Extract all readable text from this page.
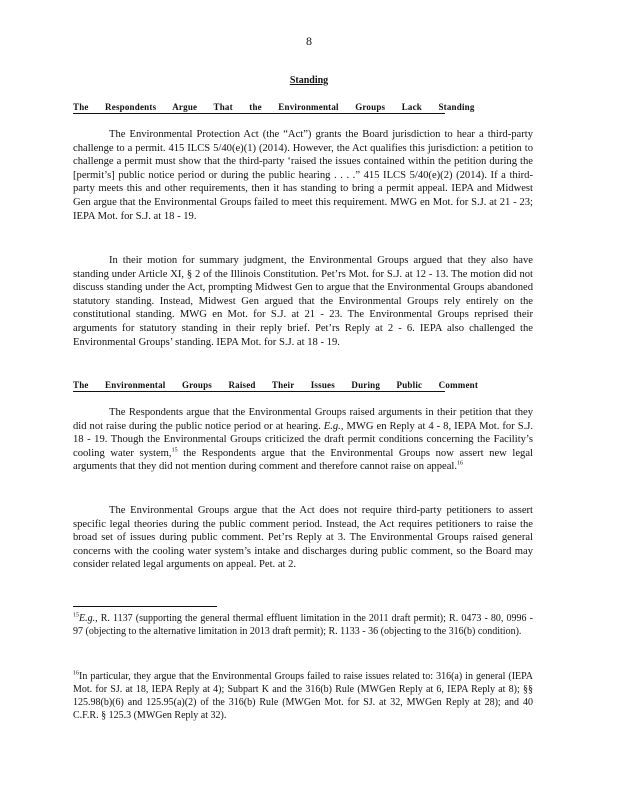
8
Standing
The Respondents Argue That the Environmental Groups Lack Standing

The Environmental Protection Act (the “Act”) grants the Board jurisdiction to hear a third-party challenge to a permit. 415 ILCS 5/40(e)(1) (2014). However, the Act qualifies this jurisdiction: a petition to challenge a permit must show that the third-party ‘raised the issues contained within the petition during the [permit’s] public notice period or during the public hearing . . . .” 415 ILCS 5/40(e)(2) (2014). If a third-party meets this and other requirements, then it has standing to bring a permit appeal. IEPA and Midwest Gen argue that the Environmental Groups failed to meet this requirement. MWG en Mot. for S.J. at 21 - 23; IEPA Mot. for S.J. at 18 - 19.

In their motion for summary judgment, the Environmental Groups argued that they also have standing under Article XI, § 2 of the Illinois Constitution. Pet’rs Mot. for S.J. at 12 - 13. The motion did not discuss standing under the Act, prompting Midwest Gen to argue that the Environmental Groups abandoned statutory standing. Instead, Midwest Gen argued that the Environmental Groups rely entirely on the constitutional standing. MWG en Mot. for S.J. at 21 - 23. The Environmental Groups reprised their arguments for statutory standing in their reply brief. Pet’rs Reply at 2 - 6. IEPA also challenged the Environmental Groups’ standing. IEPA Mot. for S.J. at 18 - 19.

The Environmental Groups Raised Their Issues During Public Comment

The Respondents argue that the Environmental Groups raised arguments in their petition that they did not raise during the public notice period or at hearing. E.g., MWG en Reply at 4 - 8, IEPA Mot. for S.J. 18 - 19. Though the Environmental Groups criticized the draft permit conditions concerning the Facility’s cooling water system,$^{15}$ the Respondents argue that the Environmental Groups now assert new legal arguments that they did not mention during comment and therefore cannot raise on appeal.$^{16}$

The Environmental Groups argue that the Act does not require third-party petitioners to assert specific legal theories during the public comment period. Instead, the Act requires petitioners to raise the broad set of issues during public comment. Pet’rs Reply at 3. The Environmental Groups raised general concerns with the cooling water system’s intake and discharges during public comment, so the Board may consider related legal arguments on appeal. Pet. at 2.

$^{15}$E.g., R. 1137 (supporting the general thermal effluent limitation in the 2011 draft permit); R. 0473 - 80, 0996 - 97 (objecting to the alternative limitation in 2013 draft permit); R. 1133 - 36 (objecting to the 316(b) condition).

$^{16}$In particular, they argue that the Environmental Groups failed to raise issues related to: 316(a) in general (IEPA Mot. for SJ. at 18, IEPA Reply at 4); Subpart K and the 316(b) Rule (MWGen Reply at 6, IEPA Reply at 8); §§ 125.98(b)(6) and 125.95(a)(2) of the 316(b) Rule (MWGen Mot. for SJ. at 32, MWGen Reply at 28); and 40 C.F.R. § 125.3 (MWGen Reply at 32).
